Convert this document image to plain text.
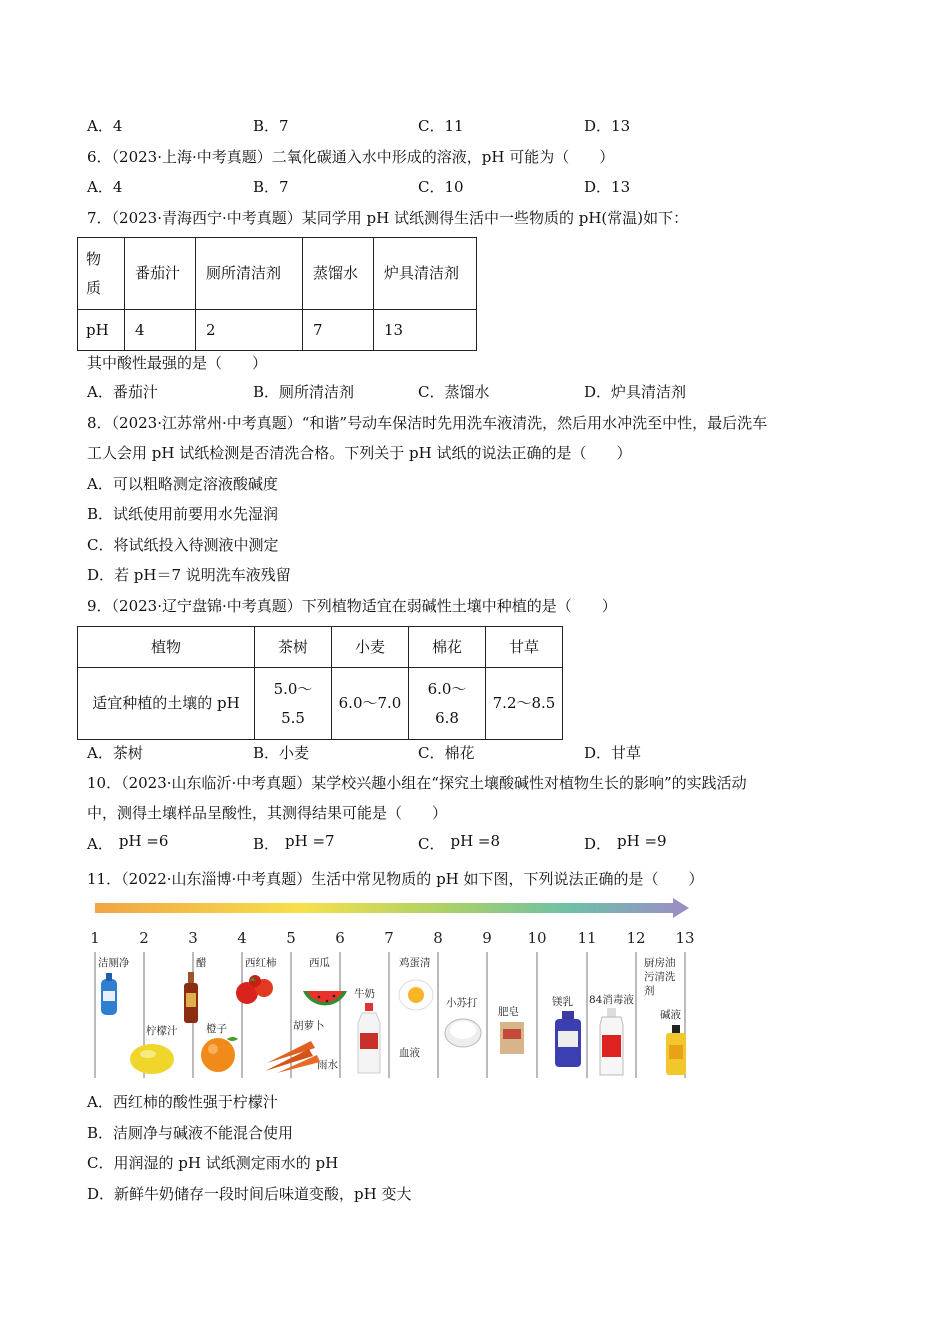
A．4	B．7	C．11	D．13
6．（2023·上海·中考真题）二氧化碳通入水中形成的溶液，pH 可能为（　　）
A．4	B．7	C．10	D．13
7．（2023·青海西宁·中考真题）某同学用 pH 试纸测得生活中一些物质的 pH(常温)如下：
物
质	番茄汁	厕所清洁剂	蒸馏水	炉具清洁剂
pH	4	2	7	13
其中酸性最强的是（　　）
A．番茄汁	B．厕所清洁剂	C．蒸馏水	D．炉具清洁剂
8．（2023·江苏常州·中考真题）“和谐”号动车保洁时先用洗车液清洗，然后用水冲洗至中性，最后洗车
工人会用 pH 试纸检测是否清洗合格。下列关于 pH 试纸的说法正确的是（　　）
A．可以粗略测定溶液酸碱度
B．试纸使用前要用水先湿润
C．将试纸投入待测液中测定
D．若 pH＝7 说明洗车液残留
9．（2023·辽宁盘锦·中考真题）下列植物适宜在弱碱性土壤中种植的是（　　）
植物	茶树	小麦	棉花	甘草
适宜种植的土壤的 pH	5.0～
5.5	6.0～7.0	6.0～
6.8	7.2～8.5
A．茶树	B．小麦	C．棉花	D．甘草
10．（2023·山东临沂·中考真题）某学校兴趣小组在“探究土壤酸碱性对植物生长的影响”的实践活动
中，测得土壤样品呈酸性，其测得结果可能是（　　）
A． pH =6	B． pH =7	C． pH =8	D． pH =9
11．（2022·山东淄博·中考真题）生活中常见物质的 pH 如下图，下列说法正确的是（　　）
1	2	3	4	5	6	7	8	9 10 11 12 13
洁厕净	醋	西红柿	西瓜	鸡蛋清
柠檬汁	橙子
牛奶
胡萝卜
雨水
血液
小苏打
肥皂
镁乳 84消毒液
厨房油
污清洗
剂
碱液
A．西红柿的酸性强于柠檬汁
B．洁厕净与碱液不能混合使用
C．用润湿的 pH 试纸测定雨水的 pH
D．新鲜牛奶储存一段时间后味道变酸，pH 变大
